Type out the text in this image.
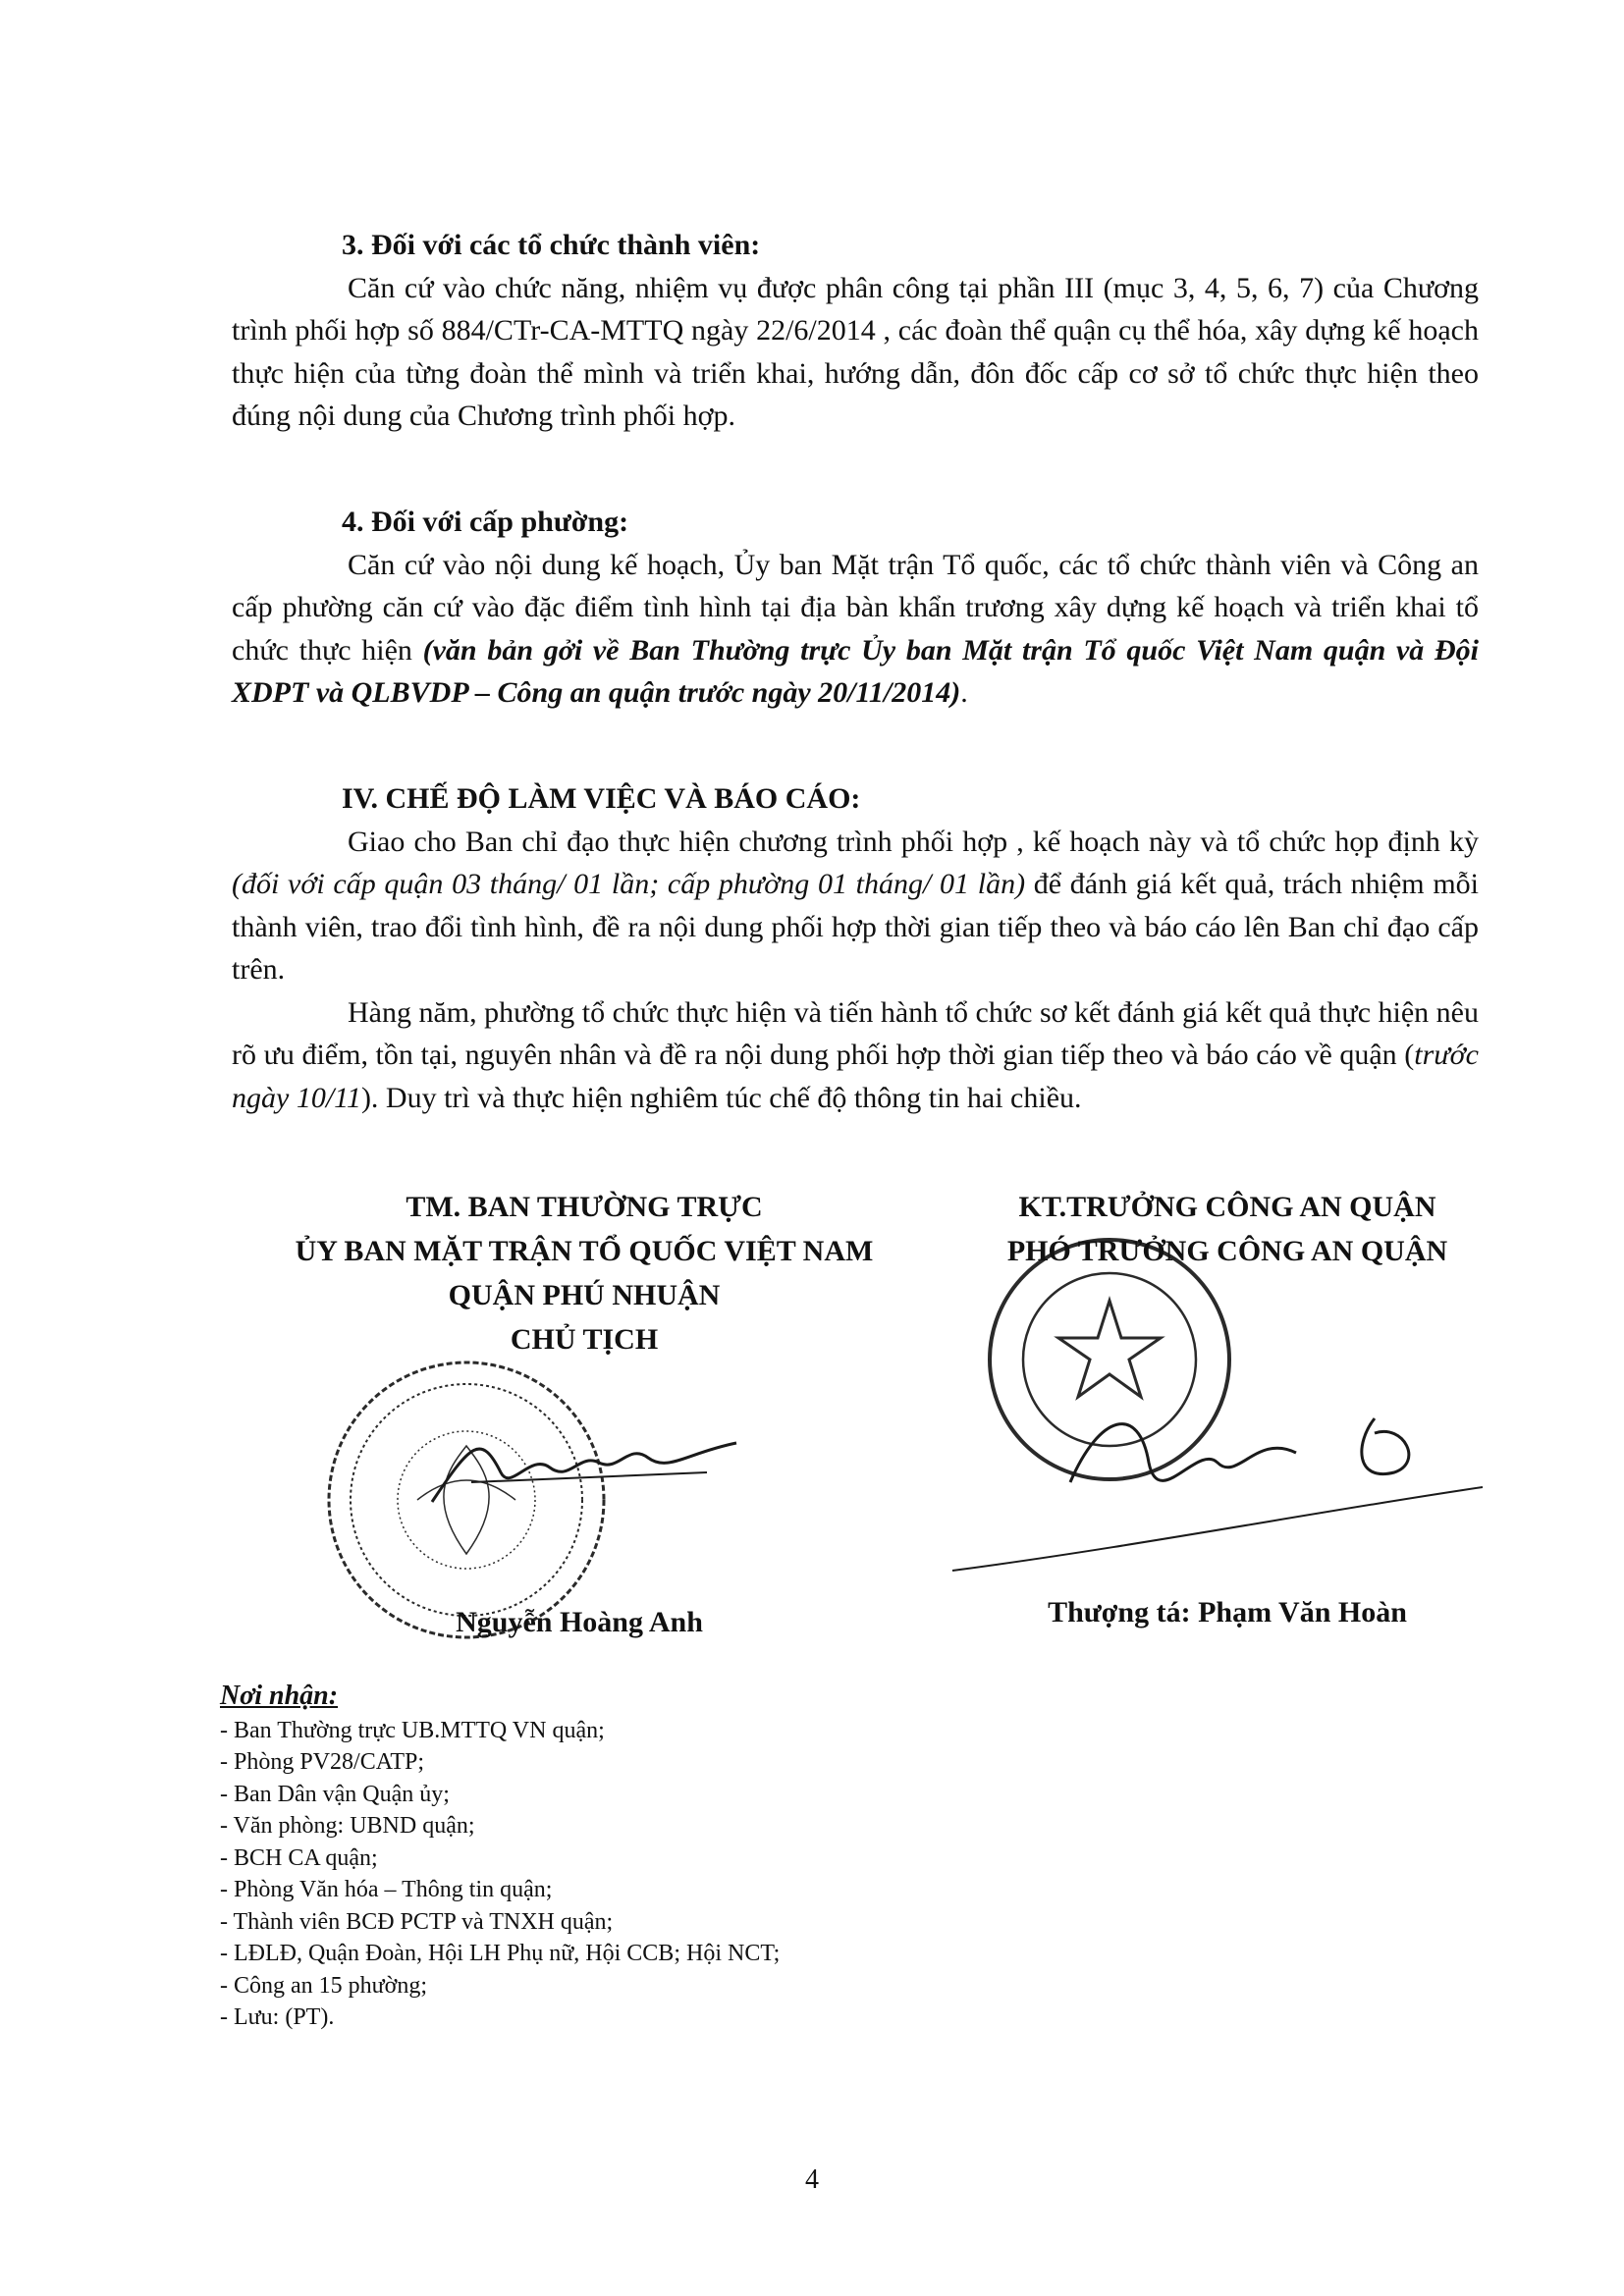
3. Đối với các tổ chức thành viên:

Căn cứ vào chức năng, nhiệm vụ được phân công tại phần III (mục 3, 4, 5, 6, 7) của Chương trình phối hợp số 884/CTr-CA-MTTQ ngày 22/6/2014 , các đoàn thể quận cụ thể hóa, xây dựng kế hoạch thực hiện của từng đoàn thể mình và triển khai, hướng dẫn, đôn đốc cấp cơ sở tổ chức thực hiện theo đúng nội dung của Chương trình phối hợp.

4. Đối với cấp phường:

Căn cứ vào nội dung kế hoạch, Ủy ban Mặt trận Tổ quốc, các tổ chức thành viên và Công an cấp phường căn cứ vào đặc điểm tình hình tại địa bàn khẩn trương xây dựng kế hoạch và triển khai tổ chức thực hiện (văn bản gởi về Ban Thường trực Ủy ban Mặt trận Tổ quốc Việt Nam quận và Đội XDPT và QLBVDP – Công an quận trước ngày 20/11/2014).

IV. CHẾ ĐỘ LÀM VIỆC VÀ BÁO CÁO:

Giao cho Ban chỉ đạo thực hiện chương trình phối hợp , kế hoạch này và tổ chức họp định kỳ (đối với cấp quận 03 tháng/ 01 lần; cấp phường 01 tháng/ 01 lần) để đánh giá kết quả, trách nhiệm mỗi thành viên, trao đổi tình hình, đề ra nội dung phối hợp thời gian tiếp theo và báo cáo lên Ban chỉ đạo cấp trên.

Hàng năm, phường tổ chức thực hiện và tiến hành tổ chức sơ kết đánh giá kết quả thực hiện nêu rõ ưu điểm, tồn tại, nguyên nhân và đề ra nội dung phối hợp thời gian tiếp theo và báo cáo về quận (trước ngày 10/11). Duy trì và thực hiện nghiêm túc chế độ thông tin hai chiều.

TM. BAN THƯỜNG TRỰC
ỦY BAN MẶT TRẬN TỔ QUỐC VIỆT NAM
QUẬN PHÚ NHUẬN
CHỦ TỊCH
Nguyễn Hoàng Anh
KT.TRƯỞNG CÔNG AN QUẬN
PHÓ TRƯỞNG CÔNG AN QUẬN
Thượng tá: Phạm Văn Hoàn
Nơi nhận:
- Ban Thường trực UB.MTTQ VN quận;
- Phòng PV28/CATP;
- Ban Dân vận Quận ủy;
- Văn phòng: UBND quận;
- BCH CA quận;
- Phòng Văn hóa – Thông tin quận;
- Thành viên BCĐ PCTP và TNXH quận;
- LĐLĐ, Quận Đoàn, Hội LH Phụ nữ, Hội CCB; Hội NCT;
- Công an 15 phường;
- Lưu: (PT).
4
